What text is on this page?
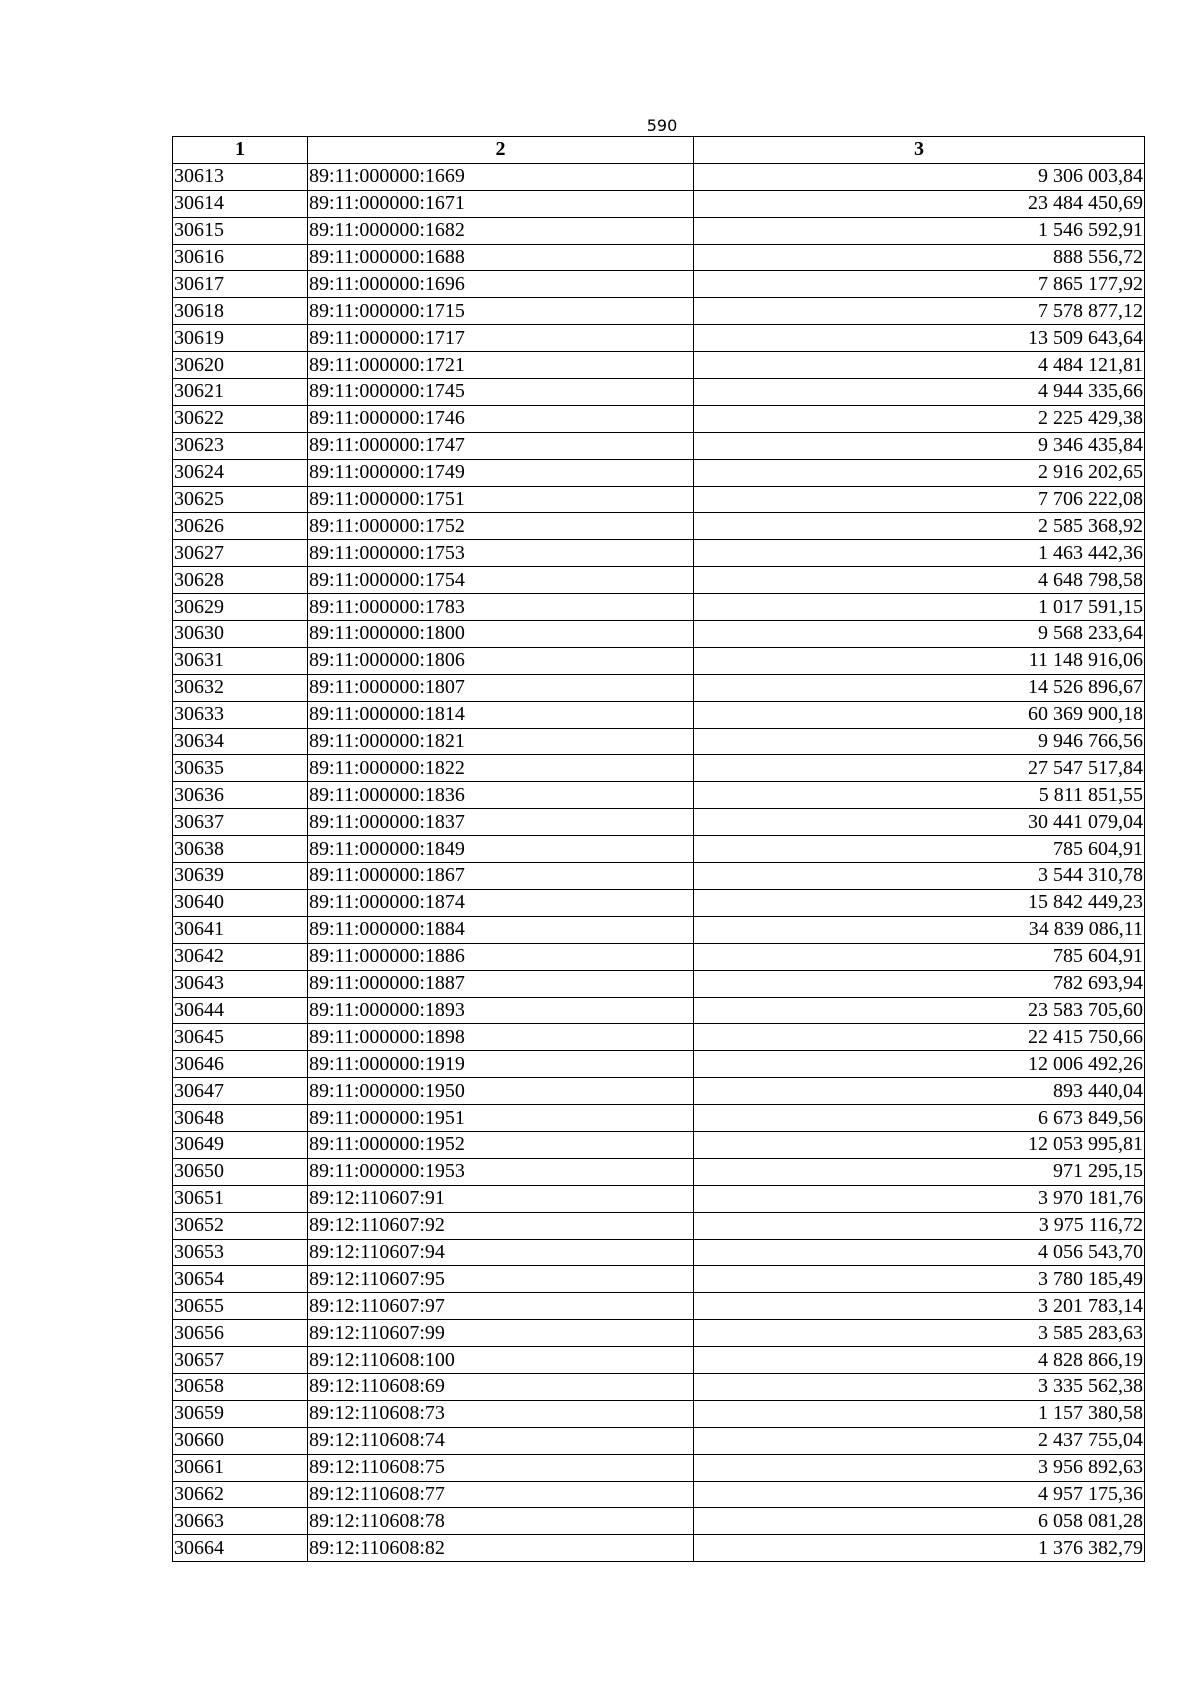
590
1	2	3
30613	89:11:000000:1669	9 306 003,84
30614	89:11:000000:1671	23 484 450,69
30615	89:11:000000:1682	1 546 592,91
30616	89:11:000000:1688	888 556,72
30617	89:11:000000:1696	7 865 177,92
30618	89:11:000000:1715	7 578 877,12
30619	89:11:000000:1717	13 509 643,64
30620	89:11:000000:1721	4 484 121,81
30621	89:11:000000:1745	4 944 335,66
30622	89:11:000000:1746	2 225 429,38
30623	89:11:000000:1747	9 346 435,84
30624	89:11:000000:1749	2 916 202,65
30625	89:11:000000:1751	7 706 222,08
30626	89:11:000000:1752	2 585 368,92
30627	89:11:000000:1753	1 463 442,36
30628	89:11:000000:1754	4 648 798,58
30629	89:11:000000:1783	1 017 591,15
30630	89:11:000000:1800	9 568 233,64
30631	89:11:000000:1806	11 148 916,06
30632	89:11:000000:1807	14 526 896,67
30633	89:11:000000:1814	60 369 900,18
30634	89:11:000000:1821	9 946 766,56
30635	89:11:000000:1822	27 547 517,84
30636	89:11:000000:1836	5 811 851,55
30637	89:11:000000:1837	30 441 079,04
30638	89:11:000000:1849	785 604,91
30639	89:11:000000:1867	3 544 310,78
30640	89:11:000000:1874	15 842 449,23
30641	89:11:000000:1884	34 839 086,11
30642	89:11:000000:1886	785 604,91
30643	89:11:000000:1887	782 693,94
30644	89:11:000000:1893	23 583 705,60
30645	89:11:000000:1898	22 415 750,66
30646	89:11:000000:1919	12 006 492,26
30647	89:11:000000:1950	893 440,04
30648	89:11:000000:1951	6 673 849,56
30649	89:11:000000:1952	12 053 995,81
30650	89:11:000000:1953	971 295,15
30651	89:12:110607:91	3 970 181,76
30652	89:12:110607:92	3 975 116,72
30653	89:12:110607:94	4 056 543,70
30654	89:12:110607:95	3 780 185,49
30655	89:12:110607:97	3 201 783,14
30656	89:12:110607:99	3 585 283,63
30657	89:12:110608:100	4 828 866,19
30658	89:12:110608:69	3 335 562,38
30659	89:12:110608:73	1 157 380,58
30660	89:12:110608:74	2 437 755,04
30661	89:12:110608:75	3 956 892,63
30662	89:12:110608:77	4 957 175,36
30663	89:12:110608:78	6 058 081,28
30664	89:12:110608:82	1 376 382,79
